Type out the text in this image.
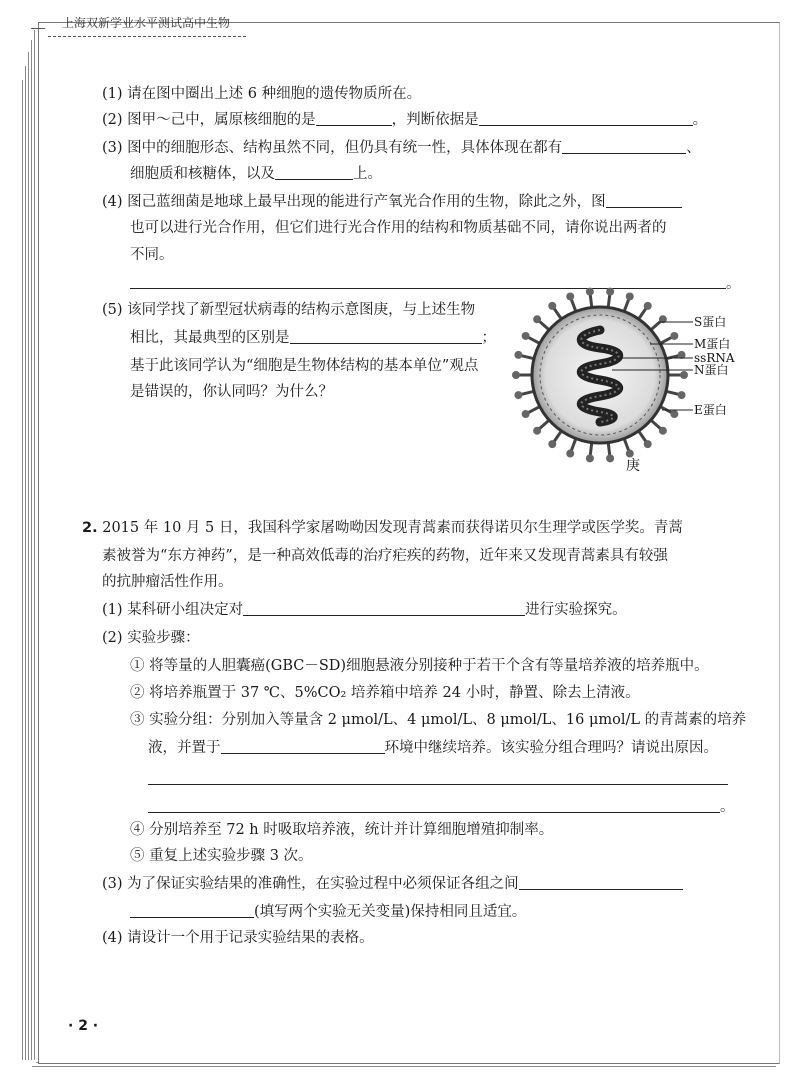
上海双新学业水平测试高中生物
(1) 请在图中圈出上述 6 种细胞的遗传物质所在。
(2) 图甲～己中，属原核细胞的是	，判断依据是	。
(3) 图中的细胞形态、结构虽然不同，但仍具有统一性，具体体现在都有	、
细胞质和核糖体，以及	上。
(4) 图己蓝细菌是地球上最早出现的能进行产氧光合作用的生物，除此之外，图
也可以进行光合作用，但它们进行光合作用的结构和物质基础不同，请你说出两者的
不同。
。
(5) 该同学找了新型冠状病毒的结构示意图庚，与上述生物
相比，其最典型的区别是	；
基于此该同学认为“细胞是生物体结构的基本单位”观点
是错误的，你认同吗？为什么？
S蛋白
M蛋白
ssRNA
N蛋白
E蛋白
庚
2. 2015 年 10 月 5 日，我国科学家屠呦呦因发现青蒿素而获得诺贝尔生理学或医学奖。青蒿
素被誉为“东方神药”，是一种高效低毒的治疗疟疾的药物，近年来又发现青蒿素具有较强
的抗肿瘤活性作用。
(1) 某科研小组决定对	进行实验探究。
(2) 实验步骤：
① 将等量的人胆囊癌(GBC－SD)细胞悬液分别接种于若干个含有等量培养液的培养瓶中。
② 将培养瓶置于 37 ℃、5%CO₂ 培养箱中培养 24 小时，静置、除去上清液。
③ 实验分组：分别加入等量含 2 μmol/L、4 μmol/L、8 μmol/L、16 μmol/L 的青蒿素的培养
液，并置于	环境中继续培养。该实验分组合理吗？请说出原因。
。
④ 分别培养至 72 h 时吸取培养液，统计并计算细胞增殖抑制率。
⑤ 重复上述实验步骤 3 次。
(3) 为了保证实验结果的准确性，在实验过程中必须保证各组之间
(填写两个实验无关变量)保持相同且适宜。
(4) 请设计一个用于记录实验结果的表格。
· 2 ·
